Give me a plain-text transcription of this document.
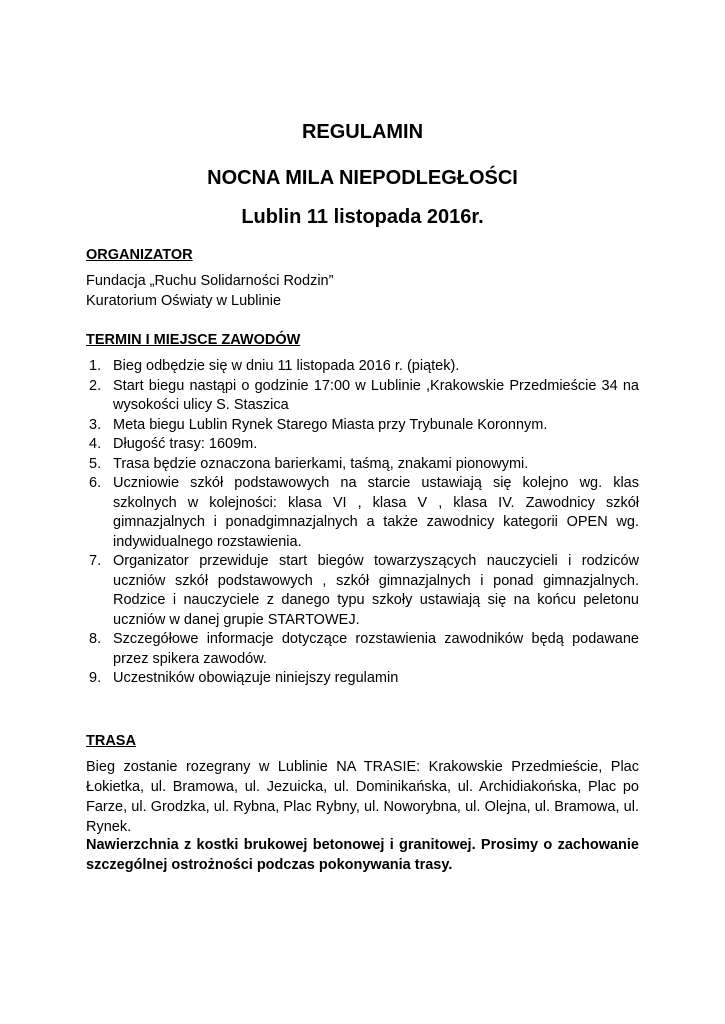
REGULAMIN
NOCNA MILA NIEPODLEGŁOŚCI
Lublin 11 listopada 2016r.
ORGANIZATOR
Fundacja „Ruchu Solidarności Rodzin”
Kuratorium Oświaty w Lublinie
TERMIN I MIEJSCE ZAWODÓW
1. Bieg odbędzie się w dniu 11 listopada 2016 r. (piątek).
2. Start biegu nastąpi o godzinie 17:00 w Lublinie ,Krakowskie Przedmieście 34 na wysokości ulicy S. Staszica
3. Meta biegu Lublin Rynek Starego Miasta przy Trybunale Koronnym.
4. Długość trasy: 1609m.
5. Trasa będzie oznaczona barierkami, taśmą, znakami pionowymi.
6. Uczniowie szkół podstawowych na starcie ustawiają się kolejno wg. klas szkolnych w kolejności: klasa VI , klasa V , klasa IV. Zawodnicy szkół gimnazjalnych i ponadgimnazjalnych a także zawodnicy kategorii OPEN wg. indywidualnego rozstawienia.
7. Organizator przewiduje start biegów towarzyszących nauczycieli i rodziców uczniów szkół podstawowych , szkół gimnazjalnych i ponad gimnazjalnych. Rodzice i nauczyciele z danego typu szkoły ustawiają się na końcu peletonu uczniów w danej grupie STARTOWEJ.
8. Szczegółowe informacje dotyczące rozstawienia zawodników będą podawane przez spikera zawodów.
9. Uczestników obowiązuje niniejszy regulamin
TRASA

Bieg zostanie rozegrany w Lublinie NA TRASIE: Krakowskie Przedmieście, Plac Łokietka, ul. Bramowa, ul. Jezuicka, ul. Dominikańska, ul. Archidiakońska, Plac po Farze, ul. Grodzka, ul. Rybna, Plac Rybny, ul. Noworybna, ul. Olejna, ul. Bramowa, ul. Rynek.

Nawierzchnia z kostki brukowej betonowej i granitowej. Prosimy o zachowanie szczególnej ostrożności podczas pokonywania trasy.
